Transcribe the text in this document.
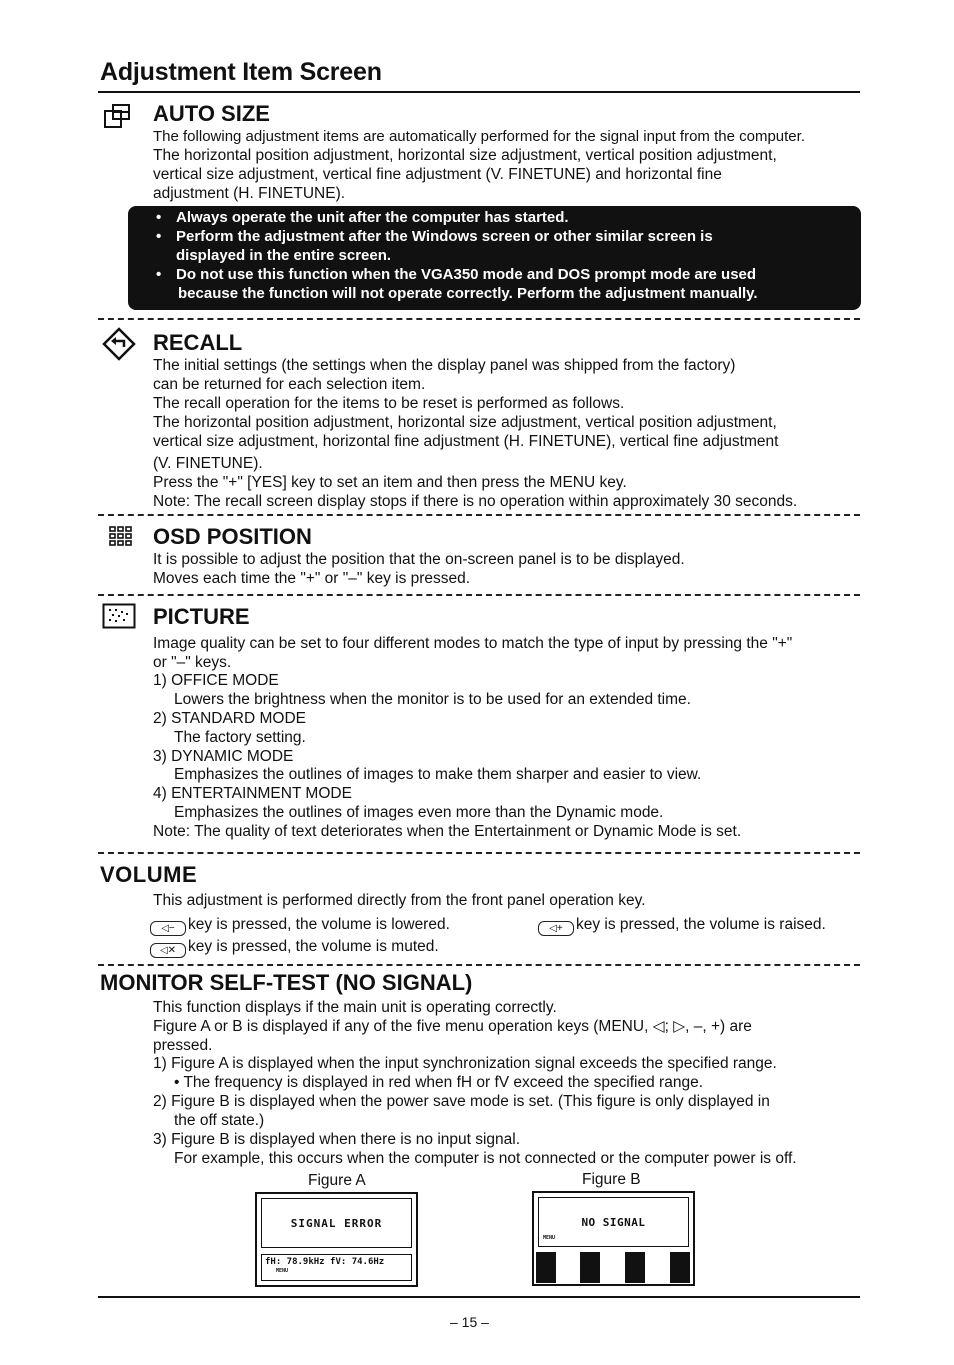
Adjustment Item Screen
AUTO SIZE
The following adjustment items are automatically performed for the signal input from the computer.
The horizontal position adjustment, horizontal size adjustment, vertical position adjustment,
vertical size adjustment, vertical fine adjustment (V. FINETUNE) and horizontal fine
adjustment (H. FINETUNE).
• Always operate the unit after the computer has started.
• Perform the adjustment after the Windows screen or other similar screen is
displayed in the entire screen.
• Do not use this function when the VGA350 mode and DOS prompt mode are used
because the function will not operate correctly. Perform the adjustment manually.
RECALL
The initial settings (the settings when the display panel was shipped from the factory)
can be returned for each selection item.
The recall operation for the items to be reset is performed as follows.
The horizontal position adjustment, horizontal size adjustment, vertical position adjustment,
vertical size adjustment, horizontal fine adjustment (H. FINETUNE), vertical fine adjustment
(V. FINETUNE).
Press the "+" [YES] key to set an item and then press the MENU key.
Note: The recall screen display stops if there is no operation within approximately 30 seconds.
OSD POSITION
It is possible to adjust the position that the on-screen panel is to be displayed.
Moves each time the "+" or "–" key is pressed.
PICTURE
Image quality can be set to four different modes to match the type of input by pressing the "+"
or "–" keys.
1) OFFICE MODE
Lowers the brightness when the monitor is to be used for an extended time.
2) STANDARD MODE
The factory setting.
3) DYNAMIC MODE
Emphasizes the outlines of images to make them sharper and easier to view.
4) ENTERTAINMENT MODE
Emphasizes the outlines of images even more than the Dynamic mode.
Note: The quality of text deteriorates when the Entertainment or Dynamic Mode is set.
VOLUME
This adjustment is performed directly from the front panel operation key.
◁− key is pressed, the volume is lowered.	◁+ key is pressed, the volume is raised.
◁✕ key is pressed, the volume is muted.
MONITOR SELF-TEST (NO SIGNAL)
This function displays if the main unit is operating correctly.
Figure A or B is displayed if any of the five menu operation keys (MENU, ◁; ▷, –, +) are
pressed.
1) Figure A is displayed when the input synchronization signal exceeds the specified range.
• The frequency is displayed in red when fH or fV exceed the specified range.
2) Figure B is displayed when the power save mode is set. (This figure is only displayed in
the off state.)
3) Figure B is displayed when there is no input signal.
For example, this occurs when the computer is not connected or the computer power is off.
Figure A
SIGNAL ERROR
fH: 78.9kHz fV: 74.6Hz
MENU
Figure B
NO SIGNAL
MENU
– 15 –
